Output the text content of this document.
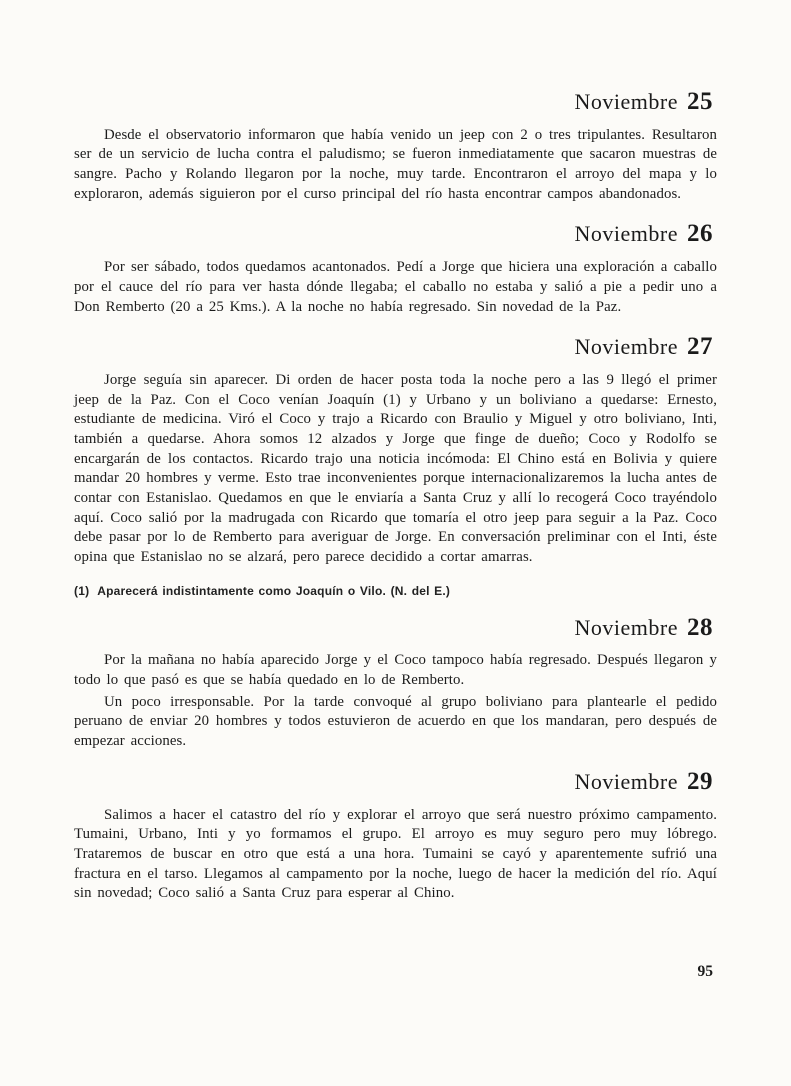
Noviembre 25

Desde el observatorio informaron que había venido un jeep con 2 o tres tripulantes. Resultaron ser de un servicio de lucha contra el paludismo; se fueron inmediatamente que sacaron muestras de sangre. Pacho y Rolando llegaron por la noche, muy tarde. Encontraron el arroyo del mapa y lo exploraron, además siguieron por el curso principal del río hasta encontrar campos abandonados.

Noviembre 26

Por ser sábado, todos quedamos acantonados. Pedí a Jorge que hiciera una exploración a caballo por el cauce del río para ver hasta dónde llegaba; el caballo no estaba y salió a pie a pedir uno a Don Remberto (20 a 25 Kms.). A la noche no había regresado. Sin novedad de la Paz.

Noviembre 27

Jorge seguía sin aparecer. Di orden de hacer posta toda la noche pero a las 9 llegó el primer jeep de la Paz. Con el Coco venían Joaquín (1) y Urbano y un boliviano a quedarse: Ernesto, estudiante de medicina. Viró el Coco y trajo a Ricardo con Braulio y Miguel y otro boliviano, Inti, también a quedarse. Ahora somos 12 alzados y Jorge que finge de dueño; Coco y Rodolfo se encargarán de los contactos. Ricardo trajo una noticia incómoda: El Chino está en Bolivia y quiere mandar 20 hombres y verme. Esto trae inconvenientes porque internacionalizaremos la lucha antes de contar con Estanislao. Quedamos en que le enviaría a Santa Cruz y allí lo recogerá Coco trayéndolo aquí. Coco salió por la madrugada con Ricardo que tomaría el otro jeep para seguir a la Paz. Coco debe pasar por lo de Remberto para averiguar de Jorge. En conversación preliminar con el Inti, éste opina que Estanislao no se alzará, pero parece decidido a cortar amarras.

(1) Aparecerá indistintamente como Joaquín o Vilo. (N. del E.)
Noviembre 28

Por la mañana no había aparecido Jorge y el Coco tampoco había regresado. Después llegaron y todo lo que pasó es que se había quedado en lo de Remberto.

Un poco irresponsable. Por la tarde convoqué al grupo boliviano para plantearle el pedido peruano de enviar 20 hombres y todos estuvieron de acuerdo en que los mandaran, pero después de empezar acciones.

Noviembre 29

Salimos a hacer el catastro del río y explorar el arroyo que será nuestro próximo campamento. Tumaini, Urbano, Inti y yo formamos el grupo. El arroyo es muy seguro pero muy lóbrego. Trataremos de buscar en otro que está a una hora. Tumaini se cayó y aparentemente sufrió una fractura en el tarso. Llegamos al campamento por la noche, luego de hacer la medición del río. Aquí sin novedad; Coco salió a Santa Cruz para esperar al Chino.

95
